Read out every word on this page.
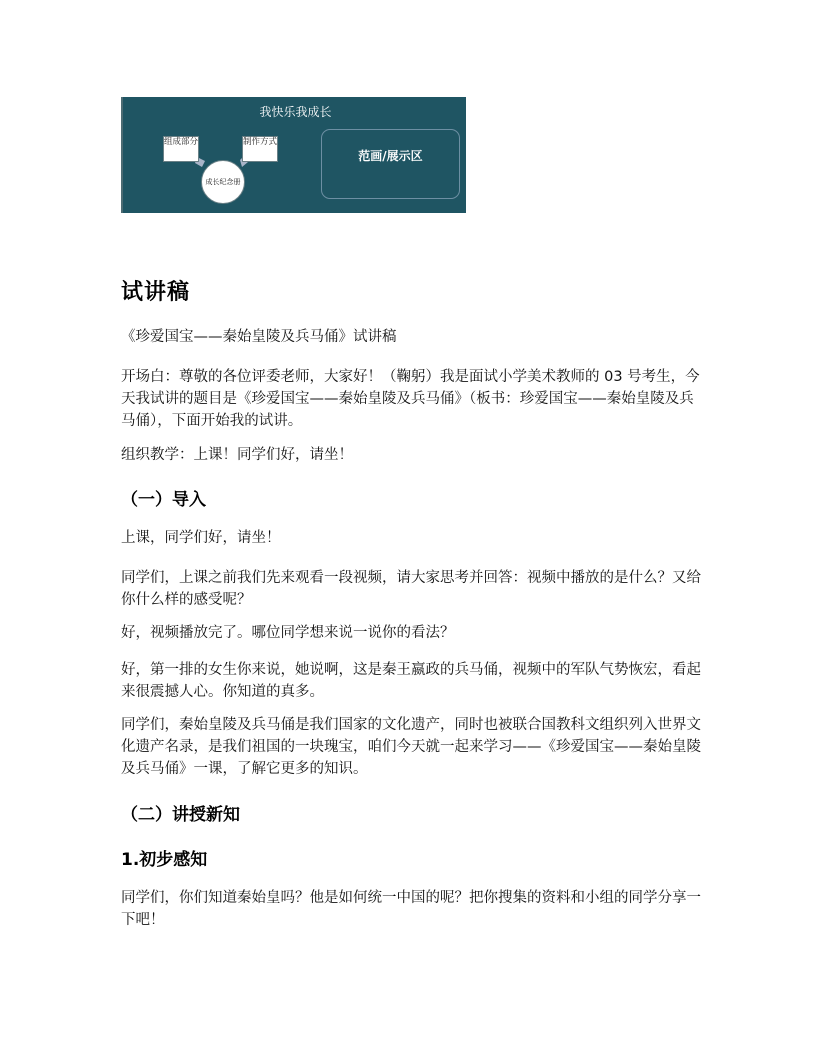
我快乐我成长
组成部分	制作方式
成长纪念册
范画/展示区
试讲稿
《珍爱国宝——秦始皇陵及兵马俑》试讲稿
开场白：尊敬的各位评委老师，大家好！（鞠躬）我是面试小学美术教师的 03 号考生，今天我试讲的题目是《珍爱国宝——秦始皇陵及兵马俑》（板书：珍爱国宝——秦始皇陵及兵马俑），下面开始我的试讲。
组织教学：上课！同学们好，请坐！
（一）导入
上课，同学们好，请坐！
同学们，上课之前我们先来观看一段视频，请大家思考并回答：视频中播放的是什么？又给你什么样的感受呢？
好，视频播放完了。哪位同学想来说一说你的看法？
好，第一排的女生你来说，她说啊，这是秦王嬴政的兵马俑，视频中的军队气势恢宏，看起来很震撼人心。你知道的真多。
同学们，秦始皇陵及兵马俑是我们国家的文化遗产，同时也被联合国教科文组织列入世界文化遗产名录，是我们祖国的一块瑰宝，咱们今天就一起来学习——《珍爱国宝——秦始皇陵及兵马俑》一课，了解它更多的知识。
（二）讲授新知
1.初步感知
同学们，你们知道秦始皇吗？他是如何统一中国的呢？把你搜集的资料和小组的同学分享一下吧！
